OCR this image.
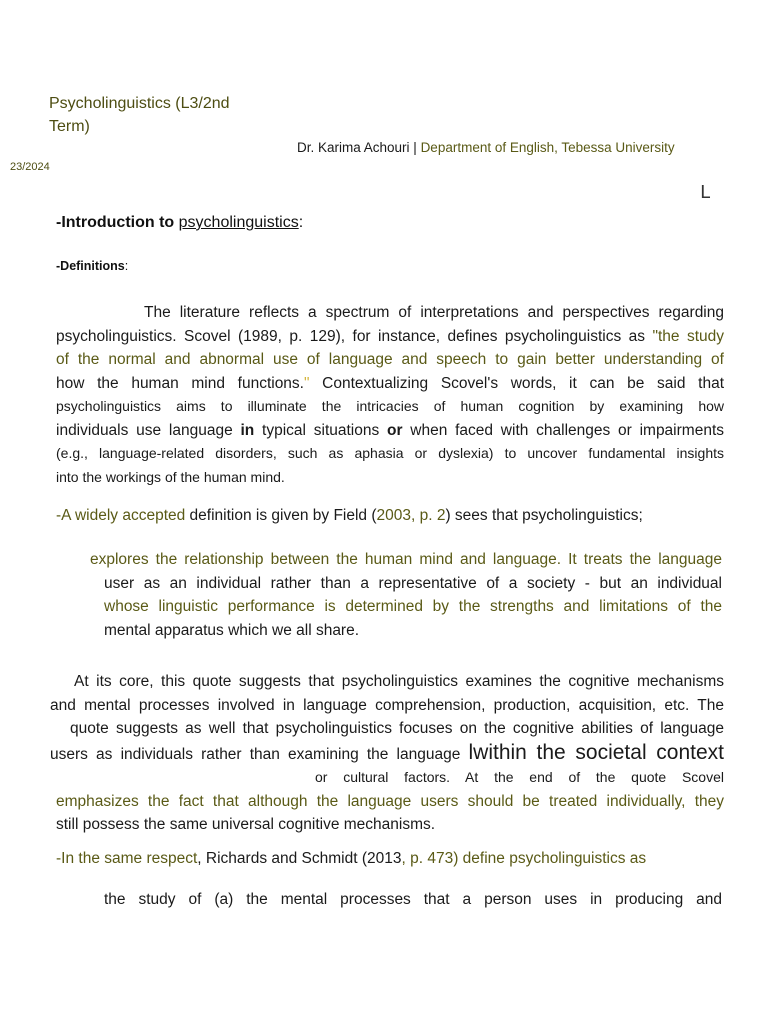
Psycholinguistics (L3/2nd Term)
Dr. Karima Achouri | Department of English, Tebessa University
23/2024
L
-Introduction to psycholinguistics:
-Definitions:
The literature reflects a spectrum of interpretations and perspectives regarding
psycholinguistics. Scovel (1989, p. 129), for instance, defines psycholinguistics as "the study
of the normal and abnormal use of language and speech to gain better understanding of
how the human mind functions." Contextualizing Scovel's words, it can be said that
psycholinguistics aims to illuminate the intricacies of human cognition by examining how
individuals use language in typical situations or when faced with challenges or impairments
(e.g., language-related disorders, such as aphasia or dyslexia) to uncover fundamental insights
into the workings of the human mind.
-A widely accepted definition is given by Field (2003, p. 2) sees that psycholinguistics;
explores the relationship between the human mind and language. It treats the language
user as an individual rather than a representative of a society - but an individual
whose linguistic performance is determined by the strengths and limitations of the
mental apparatus which we all share.
At its core, this quote suggests that psycholinguistics examines the cognitive mechanisms
and mental processes involved in language comprehension, production, acquisition, etc. The
quote suggests as well that psycholinguistics focuses on the cognitive abilities of language
users as individuals rather than examining the language lwithin the societal context
or cultural factors. At the end of the quote Scovel
emphasizes the fact that although the language users should be treated individually, they
still possess the same universal cognitive mechanisms.
-In the same respect, Richards and Schmidt (2013, p. 473) define psycholinguistics as
the study of (a) the mental processes that a person uses in producing and
